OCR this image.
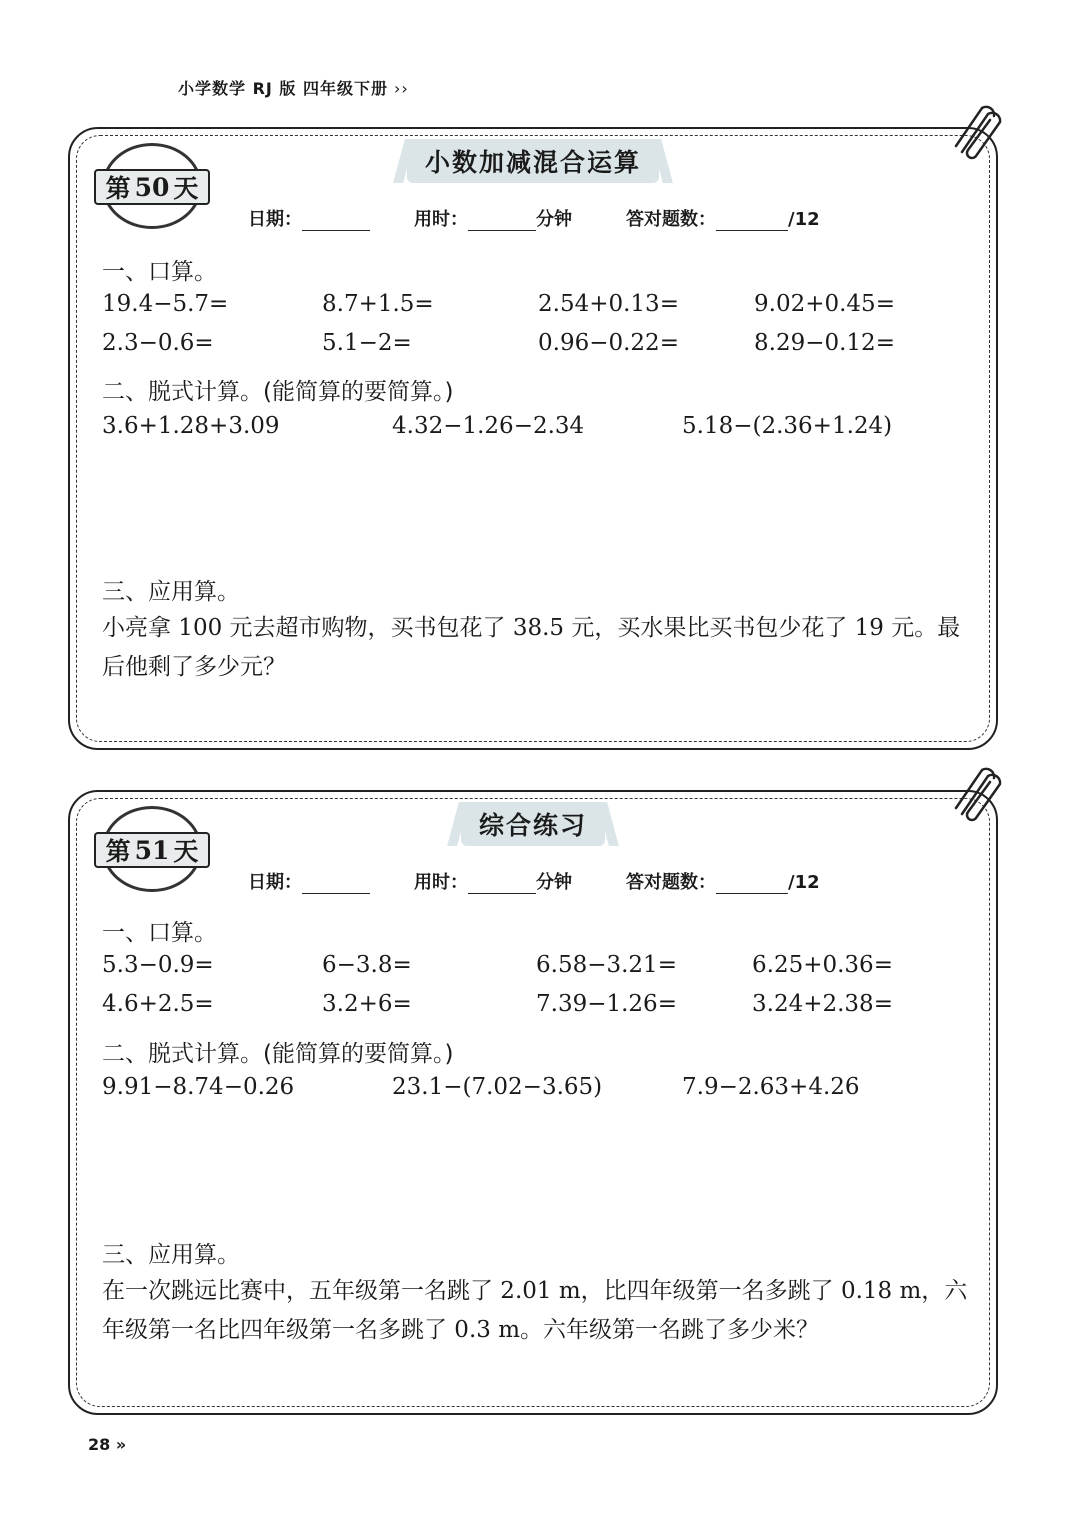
小学数学 RJ 版 四年级下册 ››
小数加减混合运算
第 50 天
日期：	用时：	分钟	答对题数：	/12
一、口算。
19.4−5.7=	8.7+1.5=	2.54+0.13=	9.02+0.45=
2.3−0.6=	5.1−2=	0.96−0.22=	8.29−0.12=
二、脱式计算。(能简算的要简算。)
3.6+1.28+3.09	4.32−1.26−2.34	5.18−(2.36+1.24)
三、应用算。
小亮拿 100 元去超市购物，买书包花了 38.5 元，买水果比买书包少花了 19 元。最后他剩了多少元？
综合练习
第 51 天
日期：	用时：	分钟	答对题数：	/12
一、口算。
5.3−0.9=	6−3.8=	6.58−3.21=	6.25+0.36=
4.6+2.5=	3.2+6=	7.39−1.26=	3.24+2.38=
二、脱式计算。(能简算的要简算。)
9.91−8.74−0.26	23.1−(7.02−3.65)	7.9−2.63+4.26
三、应用算。
在一次跳远比赛中，五年级第一名跳了 2.01 m，比四年级第一名多跳了 0.18 m，六年级第一名比四年级第一名多跳了 0.3 m。六年级第一名跳了多少米？
28 »
